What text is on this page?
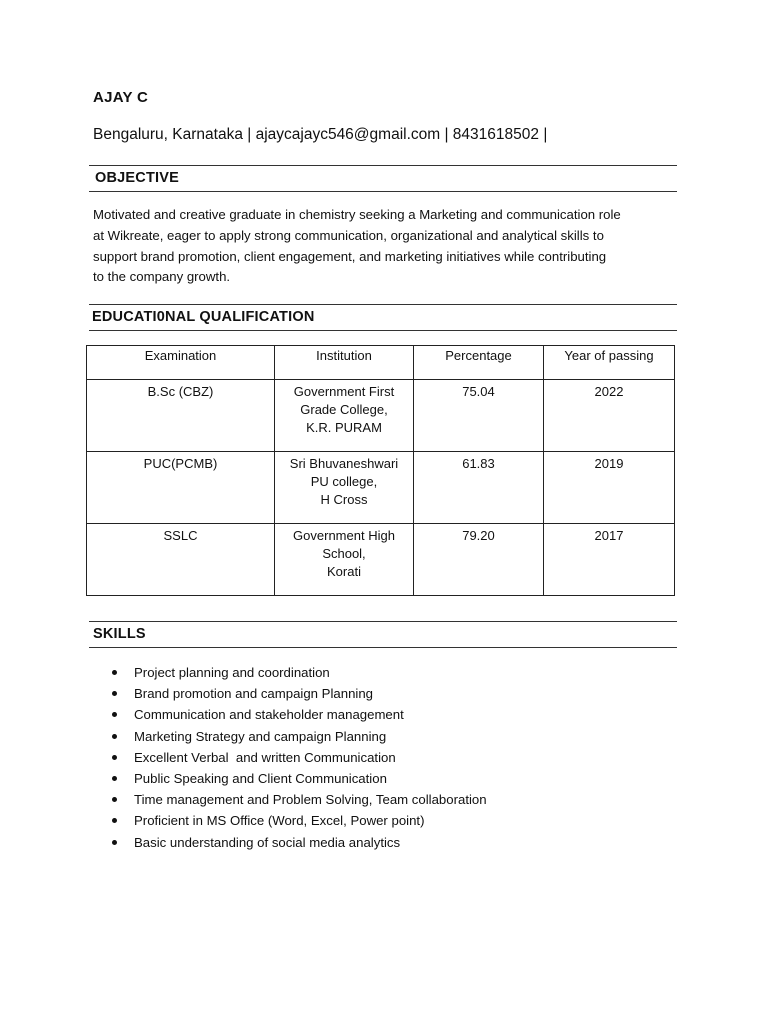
AJAY C
Bengaluru, Karnataka | ajaycajayc546@gmail.com | 8431618502 |
OBJECTIVE
Motivated and creative graduate in chemistry seeking a Marketing and communication role
at Wikreate, eager to apply strong communication, organizational and analytical skills to
support brand promotion, client engagement, and marketing initiatives while contributing
to the company growth.
EDUCATI0NAL QUALIFICATION
Examination	Institution	Percentage	Year of passing
B.Sc (CBZ)	Government First
Grade College,
K.R. PURAM	75.04	2022
PUC(PCMB)	Sri Bhuvaneshwari
PU college,
H Cross	61.83	2019
SSLC	Government High
School,
Korati	79.20	2017
SKILLS
Project planning and coordination
Brand promotion and campaign Planning
Communication and stakeholder management
Marketing Strategy and campaign Planning
Excellent Verbal  and written Communication
Public Speaking and Client Communication
Time management and Problem Solving, Team collaboration
Proficient in MS Office (Word, Excel, Power point)
Basic understanding of social media analytics
